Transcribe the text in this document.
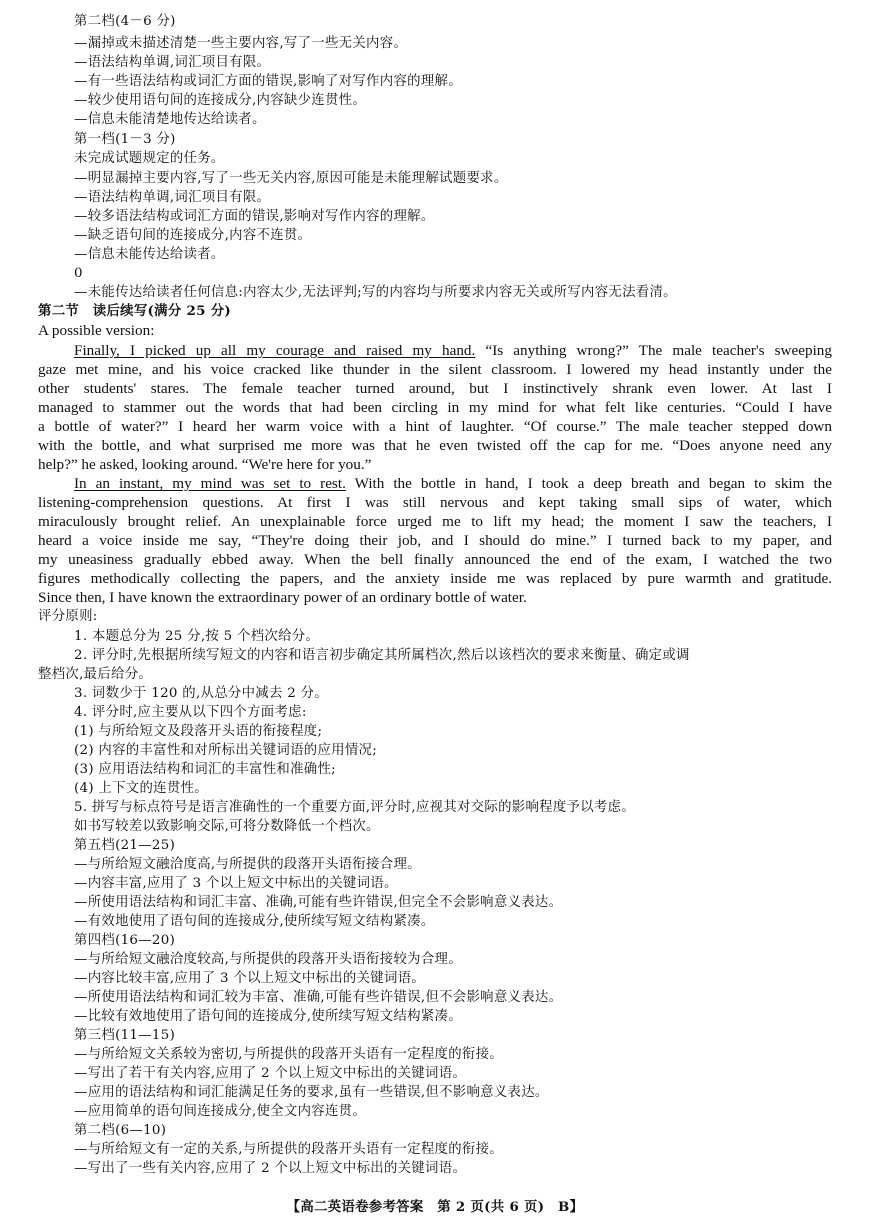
第二档(4－6 分)
—漏掉或未描述清楚一些主要内容,写了一些无关内容。
—语法结构单调,词汇项目有限。
—有一些语法结构或词汇方面的错误,影响了对写作内容的理解。
—较少使用语句间的连接成分,内容缺少连贯性。
—信息未能清楚地传达给读者。
第一档(1－3 分)
未完成试题规定的任务。
—明显漏掉主要内容,写了一些无关内容,原因可能是未能理解试题要求。
—语法结构单调,词汇项目有限。
—较多语法结构或词汇方面的错误,影响对写作内容的理解。
—缺乏语句间的连接成分,内容不连贯。
—信息未能传达给读者。
0
—未能传达给读者任何信息:内容太少,无法评判;写的内容均与所要求内容无关或所写内容无法看清。
第二节　读后续写(满分 25 分)
A possible version:
Finally, I picked up all my courage and raised my hand. “Is anything wrong?” The male teacher's sweeping
gaze met mine, and his voice cracked like thunder in the silent classroom. I lowered my head instantly under the
other students' stares. The female teacher turned around, but I instinctively shrank even lower. At last I
managed to stammer out the words that had been circling in my mind for what felt like centuries. “Could I have
a bottle of water?” I heard her warm voice with a hint of laughter. “Of course.” The male teacher stepped down
with the bottle, and what surprised me more was that he even twisted off the cap for me. “Does anyone need any
help?” he asked, looking around. “We're here for you.”
In an instant, my mind was set to rest. With the bottle in hand, I took a deep breath and began to skim the
listening-comprehension questions. At first I was still nervous and kept taking small sips of water, which
miraculously brought relief. An unexplainable force urged me to lift my head; the moment I saw the teachers, I
heard a voice inside me say, “They're doing their job, and I should do mine.” I turned back to my paper, and
my uneasiness gradually ebbed away. When the bell finally announced the end of the exam, I watched the two
figures methodically collecting the papers, and the anxiety inside me was replaced by pure warmth and gratitude.
Since then, I have known the extraordinary power of an ordinary bottle of water.
评分原则:
1. 本题总分为 25 分,按 5 个档次给分。
2. 评分时,先根据所续写短文的内容和语言初步确定其所属档次,然后以该档次的要求来衡量、确定或调
整档次,最后给分。
3. 词数少于 120 的,从总分中减去 2 分。
4. 评分时,应主要从以下四个方面考虑:
(1) 与所给短文及段落开头语的衔接程度;
(2) 内容的丰富性和对所标出关键词语的应用情况;
(3) 应用语法结构和词汇的丰富性和准确性;
(4) 上下文的连贯性。
5. 拼写与标点符号是语言准确性的一个重要方面,评分时,应视其对交际的影响程度予以考虑。
如书写较差以致影响交际,可将分数降低一个档次。
第五档(21—25)
—与所给短文融洽度高,与所提供的段落开头语衔接合理。
—内容丰富,应用了 3 个以上短文中标出的关键词语。
—所使用语法结构和词汇丰富、准确,可能有些许错误,但完全不会影响意义表达。
—有效地使用了语句间的连接成分,使所续写短文结构紧凑。
第四档(16—20)
—与所给短文融洽度较高,与所提供的段落开头语衔接较为合理。
—内容比较丰富,应用了 3 个以上短文中标出的关键词语。
—所使用语法结构和词汇较为丰富、准确,可能有些许错误,但不会影响意义表达。
—比较有效地使用了语句间的连接成分,使所续写短文结构紧凑。
第三档(11—15)
—与所给短文关系较为密切,与所提供的段落开头语有一定程度的衔接。
—写出了若干有关内容,应用了 2 个以上短文中标出的关键词语。
—应用的语法结构和词汇能满足任务的要求,虽有一些错误,但不影响意义表达。
—应用简单的语句间连接成分,使全文内容连贯。
第二档(6—10)
—与所给短文有一定的关系,与所提供的段落开头语有一定程度的衔接。
—写出了一些有关内容,应用了 2 个以上短文中标出的关键词语。
【高二英语卷参考答案　第 2 页(共 6 页)　B】
